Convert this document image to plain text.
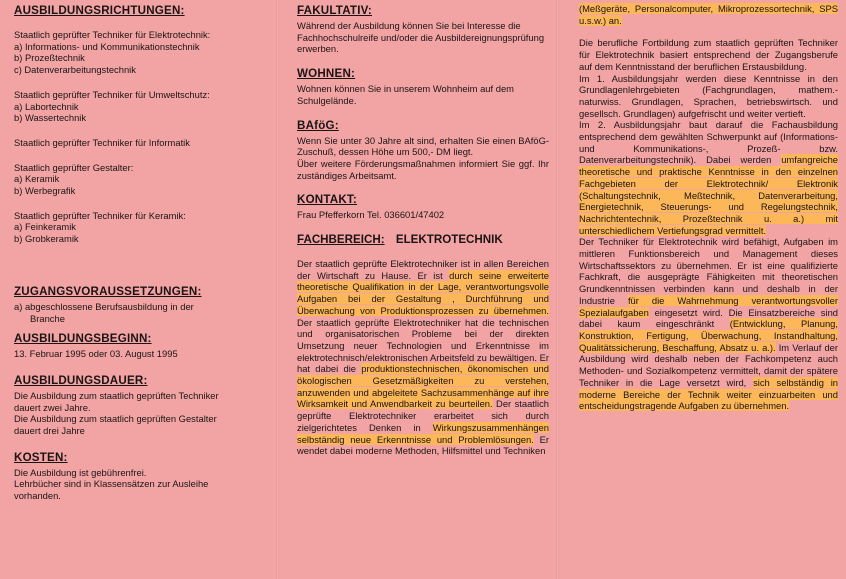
AUSBILDUNGSRICHTUNGEN:
Staatlich geprüfter Techniker für Elektrotechnik:
a) Informations- und Kommunikationstechnik
b) Prozeßtechnik
c) Datenverarbeitungstechnik
Staatlich geprüfter Techniker für Umweltschutz:
a) Labortechnik
b) Wassertechnik
Staatlich geprüfter Techniker für Informatik
Staatlich geprüfter Gestalter:
a) Keramik
b) Werbegrafik
Staatlich geprüfter Techniker für Keramik:
a) Feinkeramik
b) Grobkeramik
ZUGANGSVORAUSSETZUNGEN:
a) abgeschlossene Berufsausbildung in der
Branche
AUSBILDUNGSBEGINN:
13. Februar 1995 oder 03. August 1995
AUSBILDUNGSDAUER:
Die Ausbildung zum staatlich geprüften Techniker
dauert zwei Jahre.
Die Ausbildung zum staatlich geprüften Gestalter
dauert drei Jahre
KOSTEN:
Die Ausbildung ist gebührenfrei.
Lehrbücher sind in Klassensätzen zur Ausleihe
vorhanden.
FAKULTATIV:
Während der Ausbildung können Sie bei Interesse die Fachhochschulreife und/oder die Ausbildereignungsprüfung erwerben.
WOHNEN:
Wohnen können Sie in unserem Wohnheim auf dem Schulgelände.
BAföG:
Wenn Sie unter 30 Jahre alt sind, erhalten Sie einen BAföG-Zuschuß, dessen Höhe um 500,- DM liegt.
Über weitere Förderungsmaßnahmen informiert Sie ggf. Ihr zuständiges Arbeitsamt.
KONTAKT:
Frau Pfefferkorn Tel. 036601/47402
FACHBEREICH: ELEKTROTECHNIK
Der staatlich geprüfte Elektrotechniker ist in allen Bereichen der Wirtschaft zu Hause. Er ist durch seine erweiterte theoretische Qualifikation in der Lage, verantwortungsvolle Aufgaben bei der Gestaltung , Durchführung und Überwachung von Produktionsprozessen zu übernehmen. Der staatlich geprüfte Elektrotechniker hat die technischen und organisatorischen Probleme bei der direkten Umsetzung neuer Technologien und Erkenntnisse im elektrotechnisch/elektronischen Arbeitsfeld zu bewältigen. Er hat dabei die produktionstechnischen, ökonomischen und ökologischen Gesetzmäßigkeiten zu verstehen, anzuwenden und abgeleitete Sachzusammenhänge auf ihre Wirksamkeit und Anwendbarkeit zu beurteilen. Der staatlich geprüfte Elektrotechniker erarbeitet sich durch zielgerichtetes Denken in Wirkungszusammenhängen selbständig neue Erkenntnisse und Problemlösungen. Er wendet dabei moderne Methoden, Hilfsmittel und Techniken
(Meßgeräte, Personalcomputer, Mikroprozessortechnik, SPS u.s.w.) an.
Die berufliche Fortbildung zum staatlich geprüften Techniker für Elektrotechnik basiert entsprechend der Zugangsberufe auf dem Kenntnisstand der beruflichen Erstausbildung.
Im 1. Ausbildungsjahr werden diese Kenntnisse in den Grundlagenlehrgebieten (Fachgrundlagen, mathem.-naturwiss. Grundlagen, Sprachen, betriebswirtsch. und gesellsch. Grundlagen) aufgefrischt und weiter vertieft.
Im 2. Ausbildungsjahr baut darauf die Fachausbildung entsprechend dem gewählten Schwerpunkt auf (Informations- und Kommunikations-, Prozeß- bzw. Datenverarbeitungstechnik). Dabei werden umfangreiche theoretische und praktische Kenntnisse in den einzelnen Fachgebieten der Elektrotechnik/ Elektronik (Schaltungstechnik, Meßtechnik, Datenverarbeitung, Energietechnik, Steuerungs- und Regelungstechnik, Nachrichtentechnik, Prozeßtechnik u. a.) mit unterschiedlichem Vertiefungsgrad vermittelt.
Der Techniker für Elektrotechnik wird befähigt, Aufgaben im mittleren Funktionsbereich und Management dieses Wirtschaftssektors zu übernehmen. Er ist eine qualifizierte Fachkraft, die ausgeprägte Fähigkeiten mit theoretischen Grundkenntnissen verbinden kann und deshalb in der Industrie für die Wahrnehmung verantwortungsvoller Spezialaufgaben eingesetzt wird. Die Einsatzbereiche sind dabei kaum eingeschränkt (Entwicklung, Planung, Konstruktion, Fertigung, Überwachung, Instandhaltung, Qualitätssicherung, Beschaffung, Absatz u. a.). Im Verlauf der Ausbildung wird deshalb neben der Fachkompetenz auch Methoden- und Sozialkompetenz vermittelt, damit der spätere Techniker in die Lage versetzt wird, sich selbständig in moderne Bereiche der Technik weiter einzuarbeiten und entscheidungstragende Aufgaben zu übernehmen.
